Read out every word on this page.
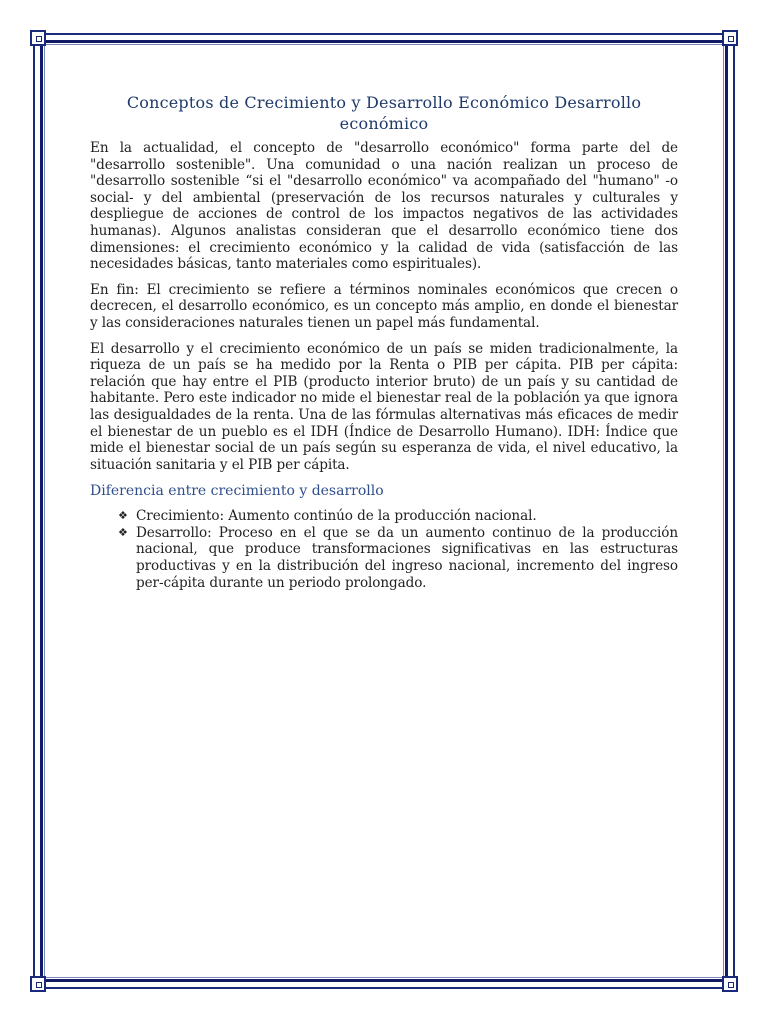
Conceptos de Crecimiento y Desarrollo Económico Desarrollo económico

En la actualidad, el concepto de "desarrollo económico" forma parte del de "desarrollo sostenible". Una comunidad o una nación realizan un proceso de "desarrollo sostenible “si el "desarrollo económico" va acompañado del "humano" -o social- y del ambiental (preservación de los recursos naturales y culturales y despliegue de acciones de control de los impactos negativos de las actividades humanas). Algunos analistas consideran que el desarrollo económico tiene dos dimensiones: el crecimiento económico y la calidad de vida (satisfacción de las necesidades básicas, tanto materiales como espirituales).

En fin: El crecimiento se refiere a términos nominales económicos que crecen o decrecen, el desarrollo económico, es un concepto más amplio, en donde el bienestar y las consideraciones naturales tienen un papel más fundamental.

El desarrollo y el crecimiento económico de un país se miden tradicionalmente, la riqueza de un país se ha medido por la Renta o PIB per cápita. PIB per cápita: relación que hay entre el PIB (producto interior bruto) de un país y su cantidad de habitante. Pero este indicador no mide el bienestar real de la población ya que ignora las desigualdades de la renta. Una de las fórmulas alternativas más eficaces de medir el bienestar de un pueblo es el IDH (Índice de Desarrollo Humano). IDH: Índice que mide el bienestar social de un país según su esperanza de vida, el nivel educativo, la situación sanitaria y el PIB per cápita.

Diferencia entre crecimiento y desarrollo
❖ Crecimiento: Aumento continúo de la producción nacional.
❖ Desarrollo: Proceso en el que se da un aumento continuo de la producción nacional, que produce transformaciones significativas en las estructuras productivas y en la distribución del ingreso nacional, incremento del ingreso per-cápita durante un periodo prolongado.
